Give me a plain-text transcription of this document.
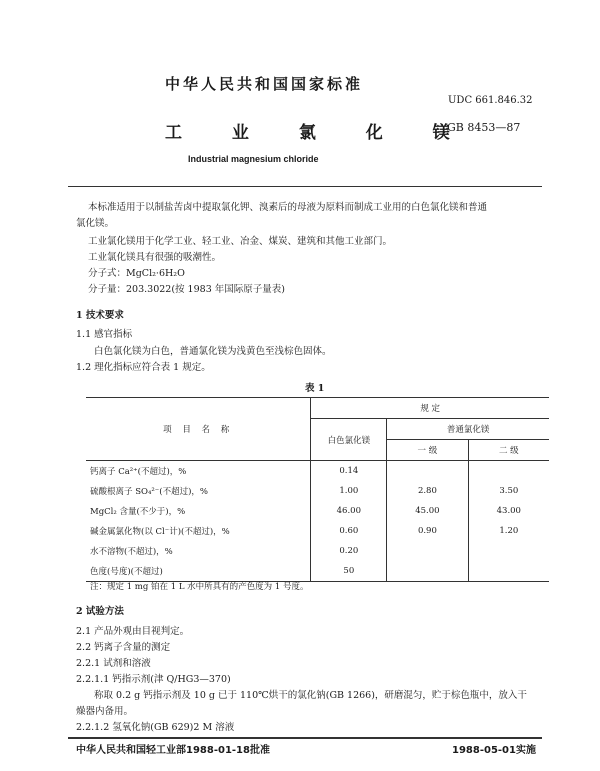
中华人民共和国国家标准
UDC 661.846.32
工 业 氯 化 镁
GB 8453—87
Industrial magnesium chloride
本标准适用于以制盐苦卤中提取氯化钾、溴素后的母液为原料而制成工业用的白色氯化镁和普通
氯化镁。
工业氯化镁用于化学工业、轻工业、冶金、煤炭、建筑和其他工业部门。
工业氯化镁具有很强的吸潮性。
分子式：MgCl₂·6H₂O
分子量：203.3022(按 1983 年国际原子量表)
1 技术要求
1.1 感官指标
白色氯化镁为白色，普通氯化镁为浅黄色至浅棕色固体。
1.2 理化指标应符合表 1 规定。
表 1
项 目 名 称	规 定		
	白色氯化镁	普通氯化镁	
		一 级	二 级
钙离子 Ca²⁺(不超过)，%	0.14		
硫酸根离子 SO₄²⁻(不超过)，%	1.00	2.80	3.50
MgCl₂ 含量(不少于)，%	46.00	45.00	43.00
碱金属氯化物(以 Cl⁻计)(不超过)，%	0.60	0.90	1.20
水不溶物(不超过)，%	0.20		
色度(号度)(不超过)	50		
注：规定 1 mg 铂在 1 L 水中所具有的产色度为 1 号度。
2 试验方法
2.1 产品外观由目视判定。
2.2 钙离子含量的测定
2.2.1 试剂和溶液
2.2.1.1 钙指示剂(津 Q/HG3—370)
称取 0.2 g 钙指示剂及 10 g 已于 110℃烘干的氯化钠(GB 1266)，研磨混匀，贮于棕色瓶中，放入干
燥器内备用。
2.2.1.2 氢氧化钠(GB 629)2 M 溶液
中华人民共和国轻工业部1988-01-18批准	1988-05-01实施
